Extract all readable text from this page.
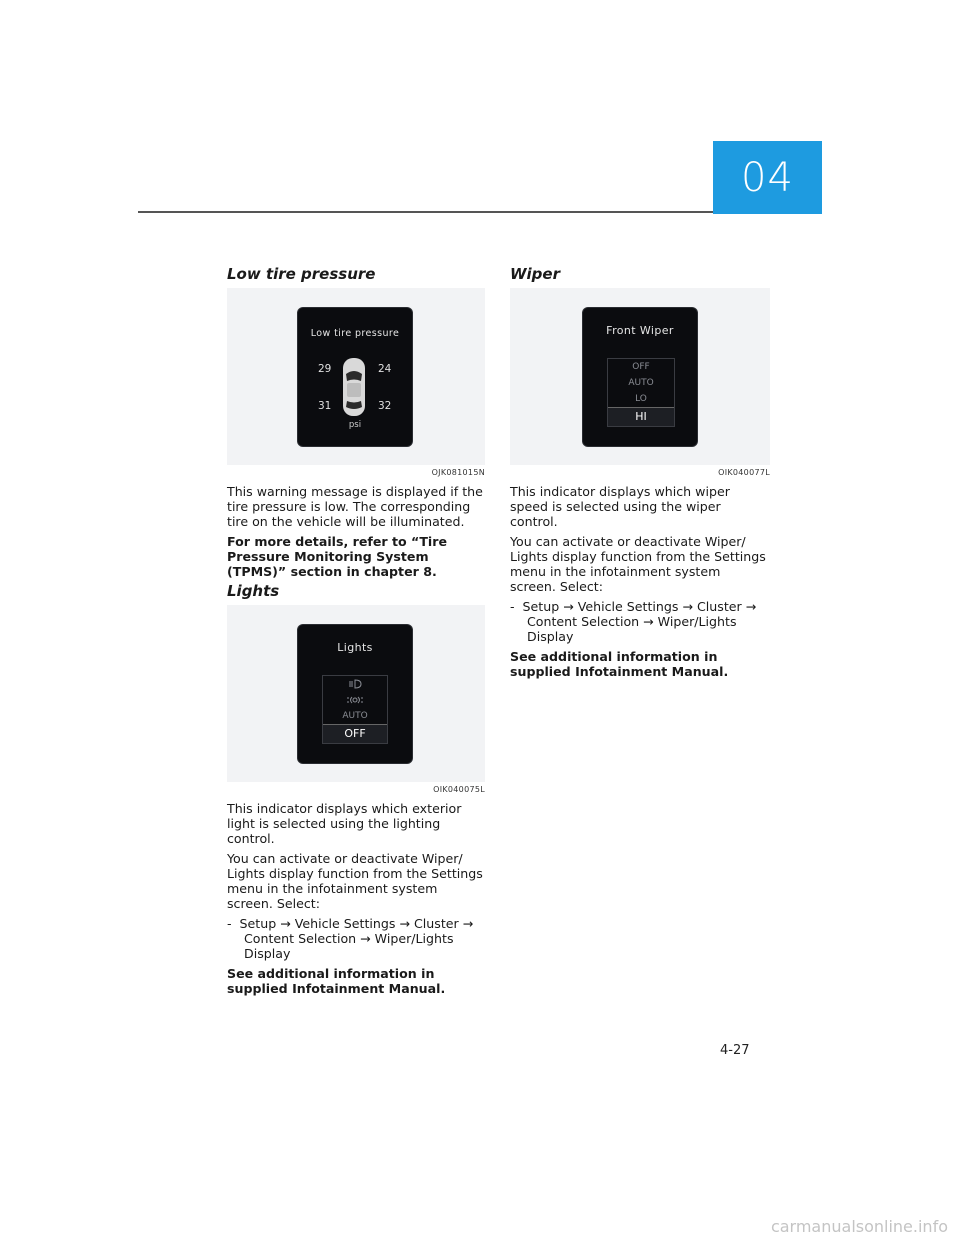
04
Low tire pressure
Low tire pressure
29	24
31	32
psi
OJK081015N

This warning message is displayed if the tire pressure is low. The corresponding tire on the vehicle will be illuminated.

For more details, refer to “Tire Pressure Monitoring System (TPMS)” section in chapter 8.

Lights
Lights
AUTO
OFF
OIK040075L

This indicator displays which exterior light is selected using the lighting control.

You can activate or deactivate Wiper/ Lights display function from the Settings menu in the infotainment system screen. Select:

-  Setup → Vehicle Settings → Cluster → Content Selection → Wiper/Lights Display

See additional information in supplied Infotainment Manual.

Wiper
Front Wiper
OFF
AUTO
LO
HI
OIK040077L

This indicator displays which wiper speed is selected using the wiper control.

You can activate or deactivate Wiper/ Lights display function from the Settings menu in the infotainment system screen. Select:

-  Setup → Vehicle Settings → Cluster → Content Selection → Wiper/Lights Display

See additional information in supplied Infotainment Manual.

4-27
carmanualsonline.info
